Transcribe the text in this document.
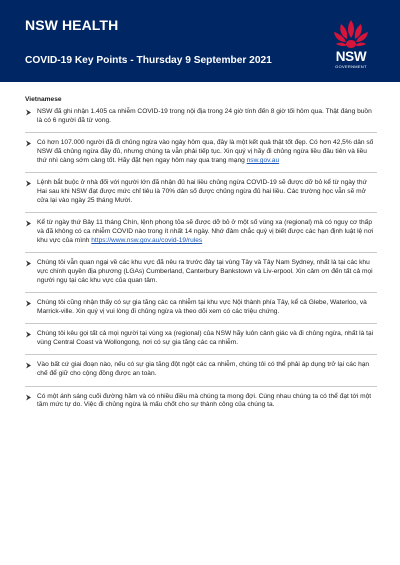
NSW HEALTH
COVID-19 Key Points - Thursday 9 September 2021	NSW
GOVERNMENT
Vietnamese
NSW đã ghi nhận 1.405 ca nhiễm COVID-19 trong nội địa trong 24 giờ tính đến 8 giờ tối hôm qua. Thật đáng buồn là có 6 người đã từ vong.
Có hơn 107.000 người đã đi chủng ngừa vào ngày hôm qua, đây là một kết quả thật tốt đẹp. Có hơn 42,5% dân số NSW đã chủng ngừa đầy đủ, nhưng chúng ta vẫn phải tiếp tục. Xin quý vị hãy đi chủng ngừa liều đầu tiên và liều thứ nhì càng sớm càng tốt. Hãy đặt hẹn ngay hôm nay qua trang mạng nsw.gov.au
Lệnh bắt buộc ở nhà đối với người lớn đã nhận đủ hai liều chủng ngừa COVID-19 sẽ được dỡ bỏ kể từ ngày thứ Hai sau khi NSW đạt được mức chỉ tiêu là 70% dân số được chủng ngừa đủ hai liều. Các trường học vẫn sẽ mở cửa lại vào ngày 25 tháng Mười.
Kể từ ngày thứ Bảy 11 tháng Chín, lệnh phong tỏa sẽ được dỡ bỏ ở một số vùng xa (regional) mà có nguy cơ thấp và đã không có ca nhiễm COVID nào trong ít nhất 14 ngày. Nhớ đảm chắc quý vị biết được các hạn định luật lệ nơi khu vực của mình https://www.nsw.gov.au/covid-19/rules
Chúng tôi vẫn quan ngại về các khu vực đã nêu ra trước đây tại vùng Tây và Tây Nam Sydney, nhất là tại các khu vực chính quyền địa phương (LGAs) Cumberland, Canterbury Bankstown và Liv-erpool. Xin cảm ơn đến tất cả mọi người ngụ tại các khu vực của quan tâm.
Chúng tôi cũng nhận thấy có sự gia tăng các ca nhiễm tại khu vực Nội thành phía Tây, kể cả Glebe, Waterloo, và Marrick-ville. Xin quý vị vui lòng đi chủng ngừa và theo dõi xem có các triệu chứng.
Chúng tôi kêu gọi tất cả mọi người tại vùng xa (regional) của NSW hãy luôn cảnh giác và đi chủng ngừa, nhất là tại vùng Central Coast và Wollongong, nơi có sự gia tăng các ca nhiễm.
Vào bất cứ giai đoạn nào, nếu có sự gia tăng đột ngột các ca nhiễm, chúng tôi có thể phải áp dụng trở lại các hạn chế để giữ cho cộng đồng được an toàn.
Có một ánh sáng cuối đường hầm và có nhiều điều mà chúng ta mong đợi. Cùng nhau chúng ta có thể đạt tới một tầm mức tự do. Việc đi chủng ngừa là mấu chốt cho sự thành công của chúng ta.
